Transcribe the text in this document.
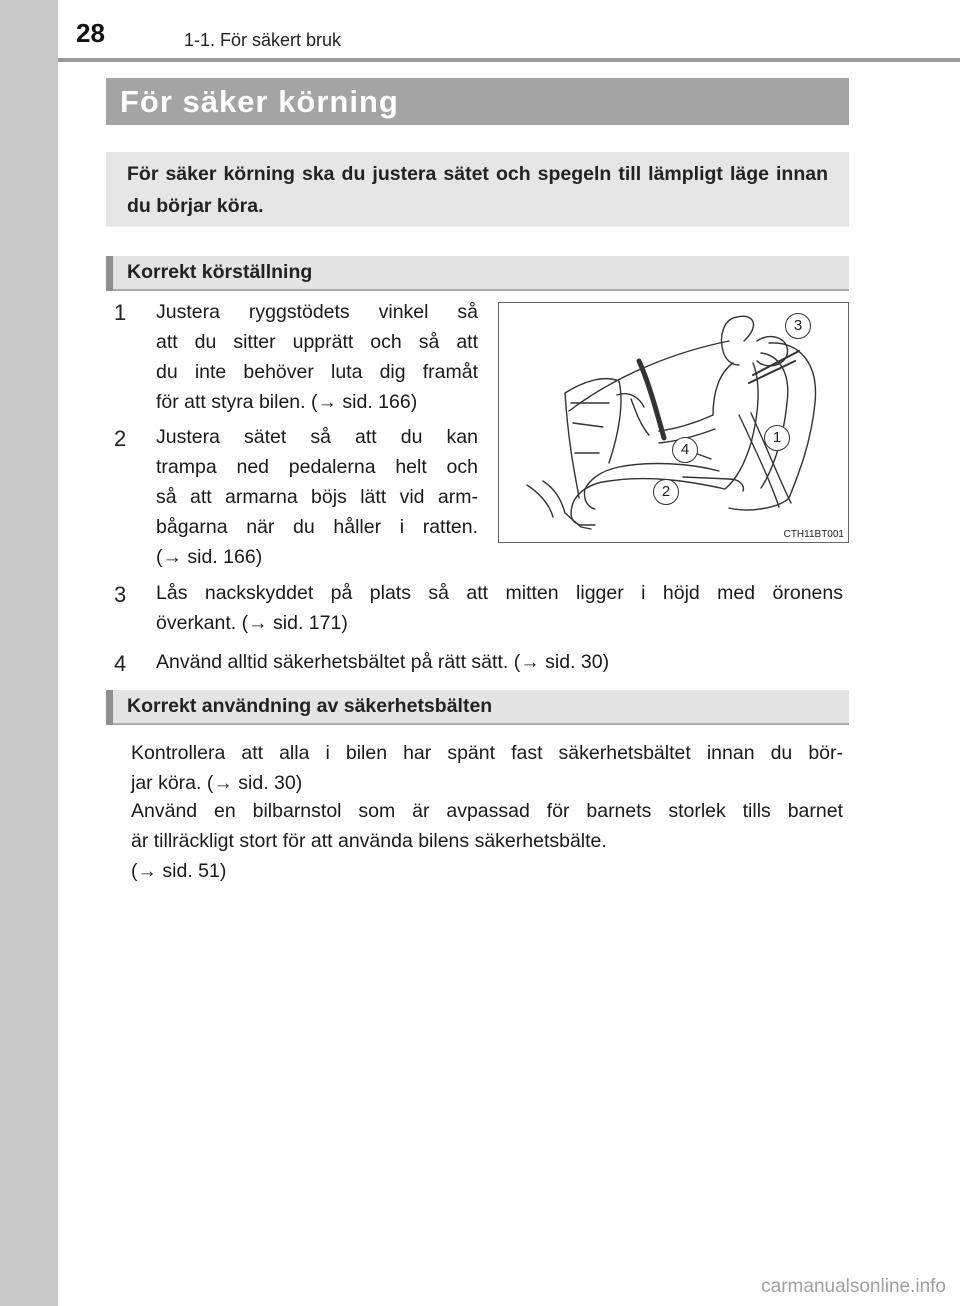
28	1-1. För säkert bruk
För säker körning
För säker körning ska du justera sätet och spegeln till lämpligt läge innan du börjar köra.
Korrekt körställning
1 Justera ryggstödets vinkel så
att du sitter upprätt och så att
du inte behöver luta dig framåt
för att styra bilen. (→ sid. 166)
2 Justera sätet så att du kan
trampa ned pedalerna helt och
så att armarna böjs lätt vid arm-
bågarna när du håller i ratten.
(→ sid. 166)
3
1
4
2
CTH11BT001
3 Lås nackskyddet på plats så att mitten ligger i höjd med öronens
överkant. (→ sid. 171)
4 Använd alltid säkerhetsbältet på rätt sätt. (→ sid. 30)
Korrekt användning av säkerhetsbälten
Kontrollera att alla i bilen har spänt fast säkerhetsbältet innan du bör-
jar köra. (→ sid. 30)
Använd en bilbarnstol som är avpassad för barnets storlek tills barnet
är tillräckligt stort för att använda bilens säkerhetsbälte.
(→ sid. 51)
carmanualsonline.info
